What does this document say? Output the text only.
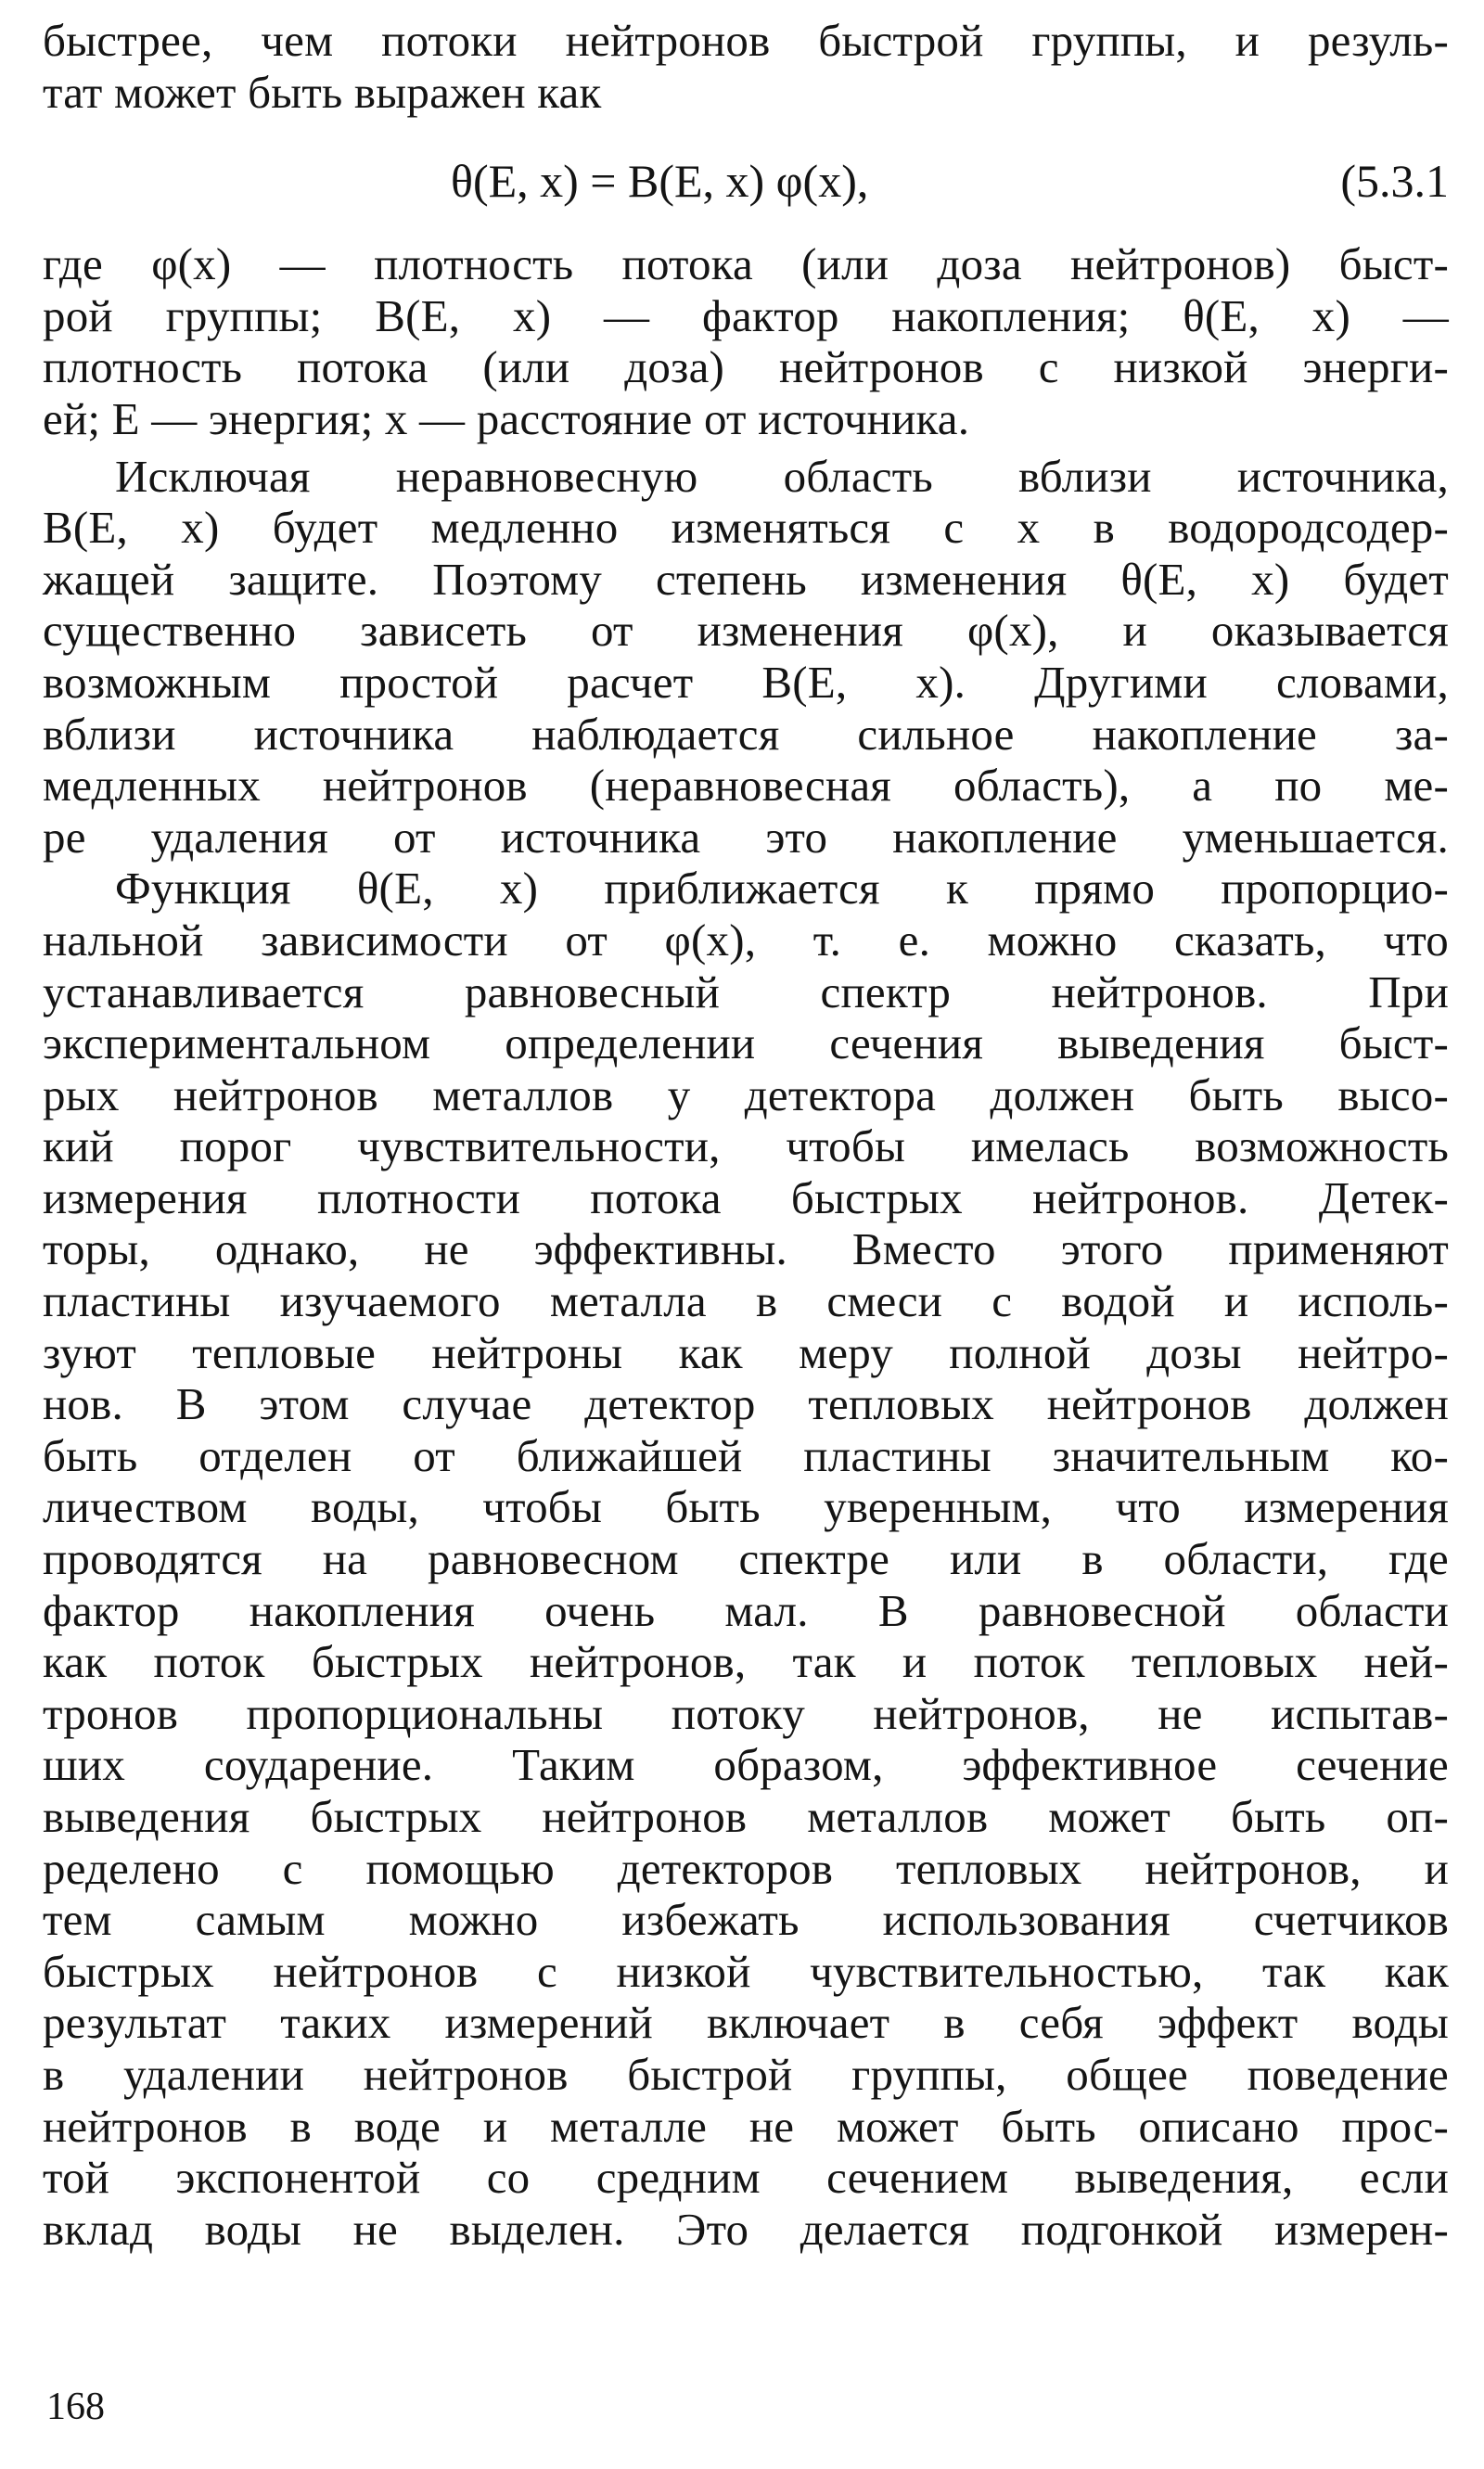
быстрее, чем потоки нейтронов быстрой группы, и резуль-
тат может быть выражен как
θ(E, x) = B(E, x) φ(x),	(5.3.1
где φ(x) — плотность потока (или доза нейтронов) быст-
рой группы; B(E, x) — фактор накопления; θ(E, x) —
плотность потока (или доза) нейтронов с низкой энерги-
ей; E — энергия; x — расстояние от источника.
Исключая неравновесную область вблизи источника,
B(E, x) будет медленно изменяться с x в водородсодер-
жащей защите. Поэтому степень изменения θ(E, x) будет
существенно зависеть от изменения φ(x), и оказывается
возможным простой расчет B(E, x). Другими словами,
вблизи источника наблюдается сильное накопление за-
медленных нейтронов (неравновесная область), а по ме-
ре удаления от источника это накопление уменьшается.
Функция θ(E, x) приближается к прямо пропорцио-
нальной зависимости от φ(x), т. е. можно сказать, что
устанавливается равновесный спектр нейтронов. При
экспериментальном определении сечения выведения быст-
рых нейтронов металлов у детектора должен быть высо-
кий порог чувствительности, чтобы имелась возможность
измерения плотности потока быстрых нейтронов. Детек-
торы, однако, не эффективны. Вместо этого применяют
пластины изучаемого металла в смеси с водой и исполь-
зуют тепловые нейтроны как меру полной дозы нейтро-
нов. В этом случае детектор тепловых нейтронов должен
быть отделен от ближайшей пластины значительным ко-
личеством воды, чтобы быть уверенным, что измерения
проводятся на равновесном спектре или в области, где
фактор накопления очень мал. В равновесной области
как поток быстрых нейтронов, так и поток тепловых ней-
тронов пропорциональны потоку нейтронов, не испытав-
ших соударение. Таким образом, эффективное сечение
выведения быстрых нейтронов металлов может быть оп-
ределено с помощью детекторов тепловых нейтронов, и
тем самым можно избежать использования счетчиков
быстрых нейтронов с низкой чувствительностью, так как
результат таких измерений включает в себя эффект воды
в удалении нейтронов быстрой группы, общее поведение
нейтронов в воде и металле не может быть описано прос-
той экспонентой со средним сечением выведения, если
вклад воды не выделен. Это делается подгонкой измерен-
168
